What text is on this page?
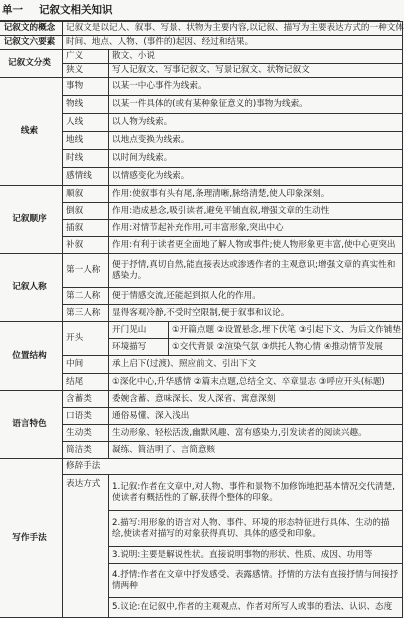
单一 记叙文相关知识
记叙文的概念	记叙文是以记人、叙事、写景、状物为主要内容,以记叙、描写为主要表达方式的一种文体		
记叙文六要素	时间、地点、人物、(事件的)起因、经过和结果。		
记叙文分类	广义	散文、小说	
	狭义	写人记叙文、写事记叙文、写景记叙文、状物记叙文	
线索	事物	以某一中心事件为线索。	
	物线	以某一件具体的(或有某种象征意义的)事物为线索。	
	人线	以人物为线索。	
	地线	以地点变换为线索。	
	时线	以时间为线索。	
	感情线	以情感变化为线索。	
记叙顺序	顺叙	作用:使叙事有头有尾,条理清晰,脉络清楚,使人印象深刻。	
	倒叙	作用:造成悬念,吸引读者,避免平铺直叙,增强文章的生动性	
	插叙	作用:对情节起补充作用,可丰富形象,突出中心	
	补叙	作用:有利于读者更全面地了解人物或事件;使人物形象更丰富,使中心更突出	
记叙人称	第一人称	便于抒情,真切自然,能直接表达或渗透作者的主观意识;增强文章的真实性和感染力。	
	第二人称	便于情感交流,还能起到拟人化的作用。	
	第三人称	显得客观冷静,不受时空限制,便于叙事和议论。	
位置结构	开头	开门见山	①开篇点题 ②设置悬念,埋下伏笔 ③引起下文、为后文作铺垫
		环境描写	①交代背景 ②渲染气氛 ③烘托人物心情 ④推动情节发展
	中间	承上启下(过渡)、照应前文、引出下文	
	结尾	①深化中心,升华感情 ②篇末点题,总结全文、卒章显志 ③呼应开头(标题)	
语言特色	含蓄类	委婉含蓄、意味深长、发人深省、寓意深刻	
	口语类	通俗易懂、深入浅出	
	生动类	生动形象、轻松活泼,幽默风趣、富有感染力,引发读者的阅读兴趣。	
	简洁类	凝练、简洁明了、言简意赅	
写作手法	修辞手法		
	表达方式	1.记叙:作者在文章中,对人物、事件和景物不加修饰地把基本情况交代清楚,使读者有概括性的了解,获得个整体的印象。	
		2.描写:用形象的语言对人物、事件、环境的形态特征进行具体、生动的描绘,使读者对描写的对象获得真切、具体的感受和印象。	
		3.说明:主要是解说性状。直接说明事物的形状、性质、成因、功用等	
		4.抒情:作者在文章中抒发感受、表露感情。抒情的方法有直接抒情与间接抒情两种	
		5.议论:在记叙中,作者的主观观点、作者对所写人或事的看法、认识、态度	
